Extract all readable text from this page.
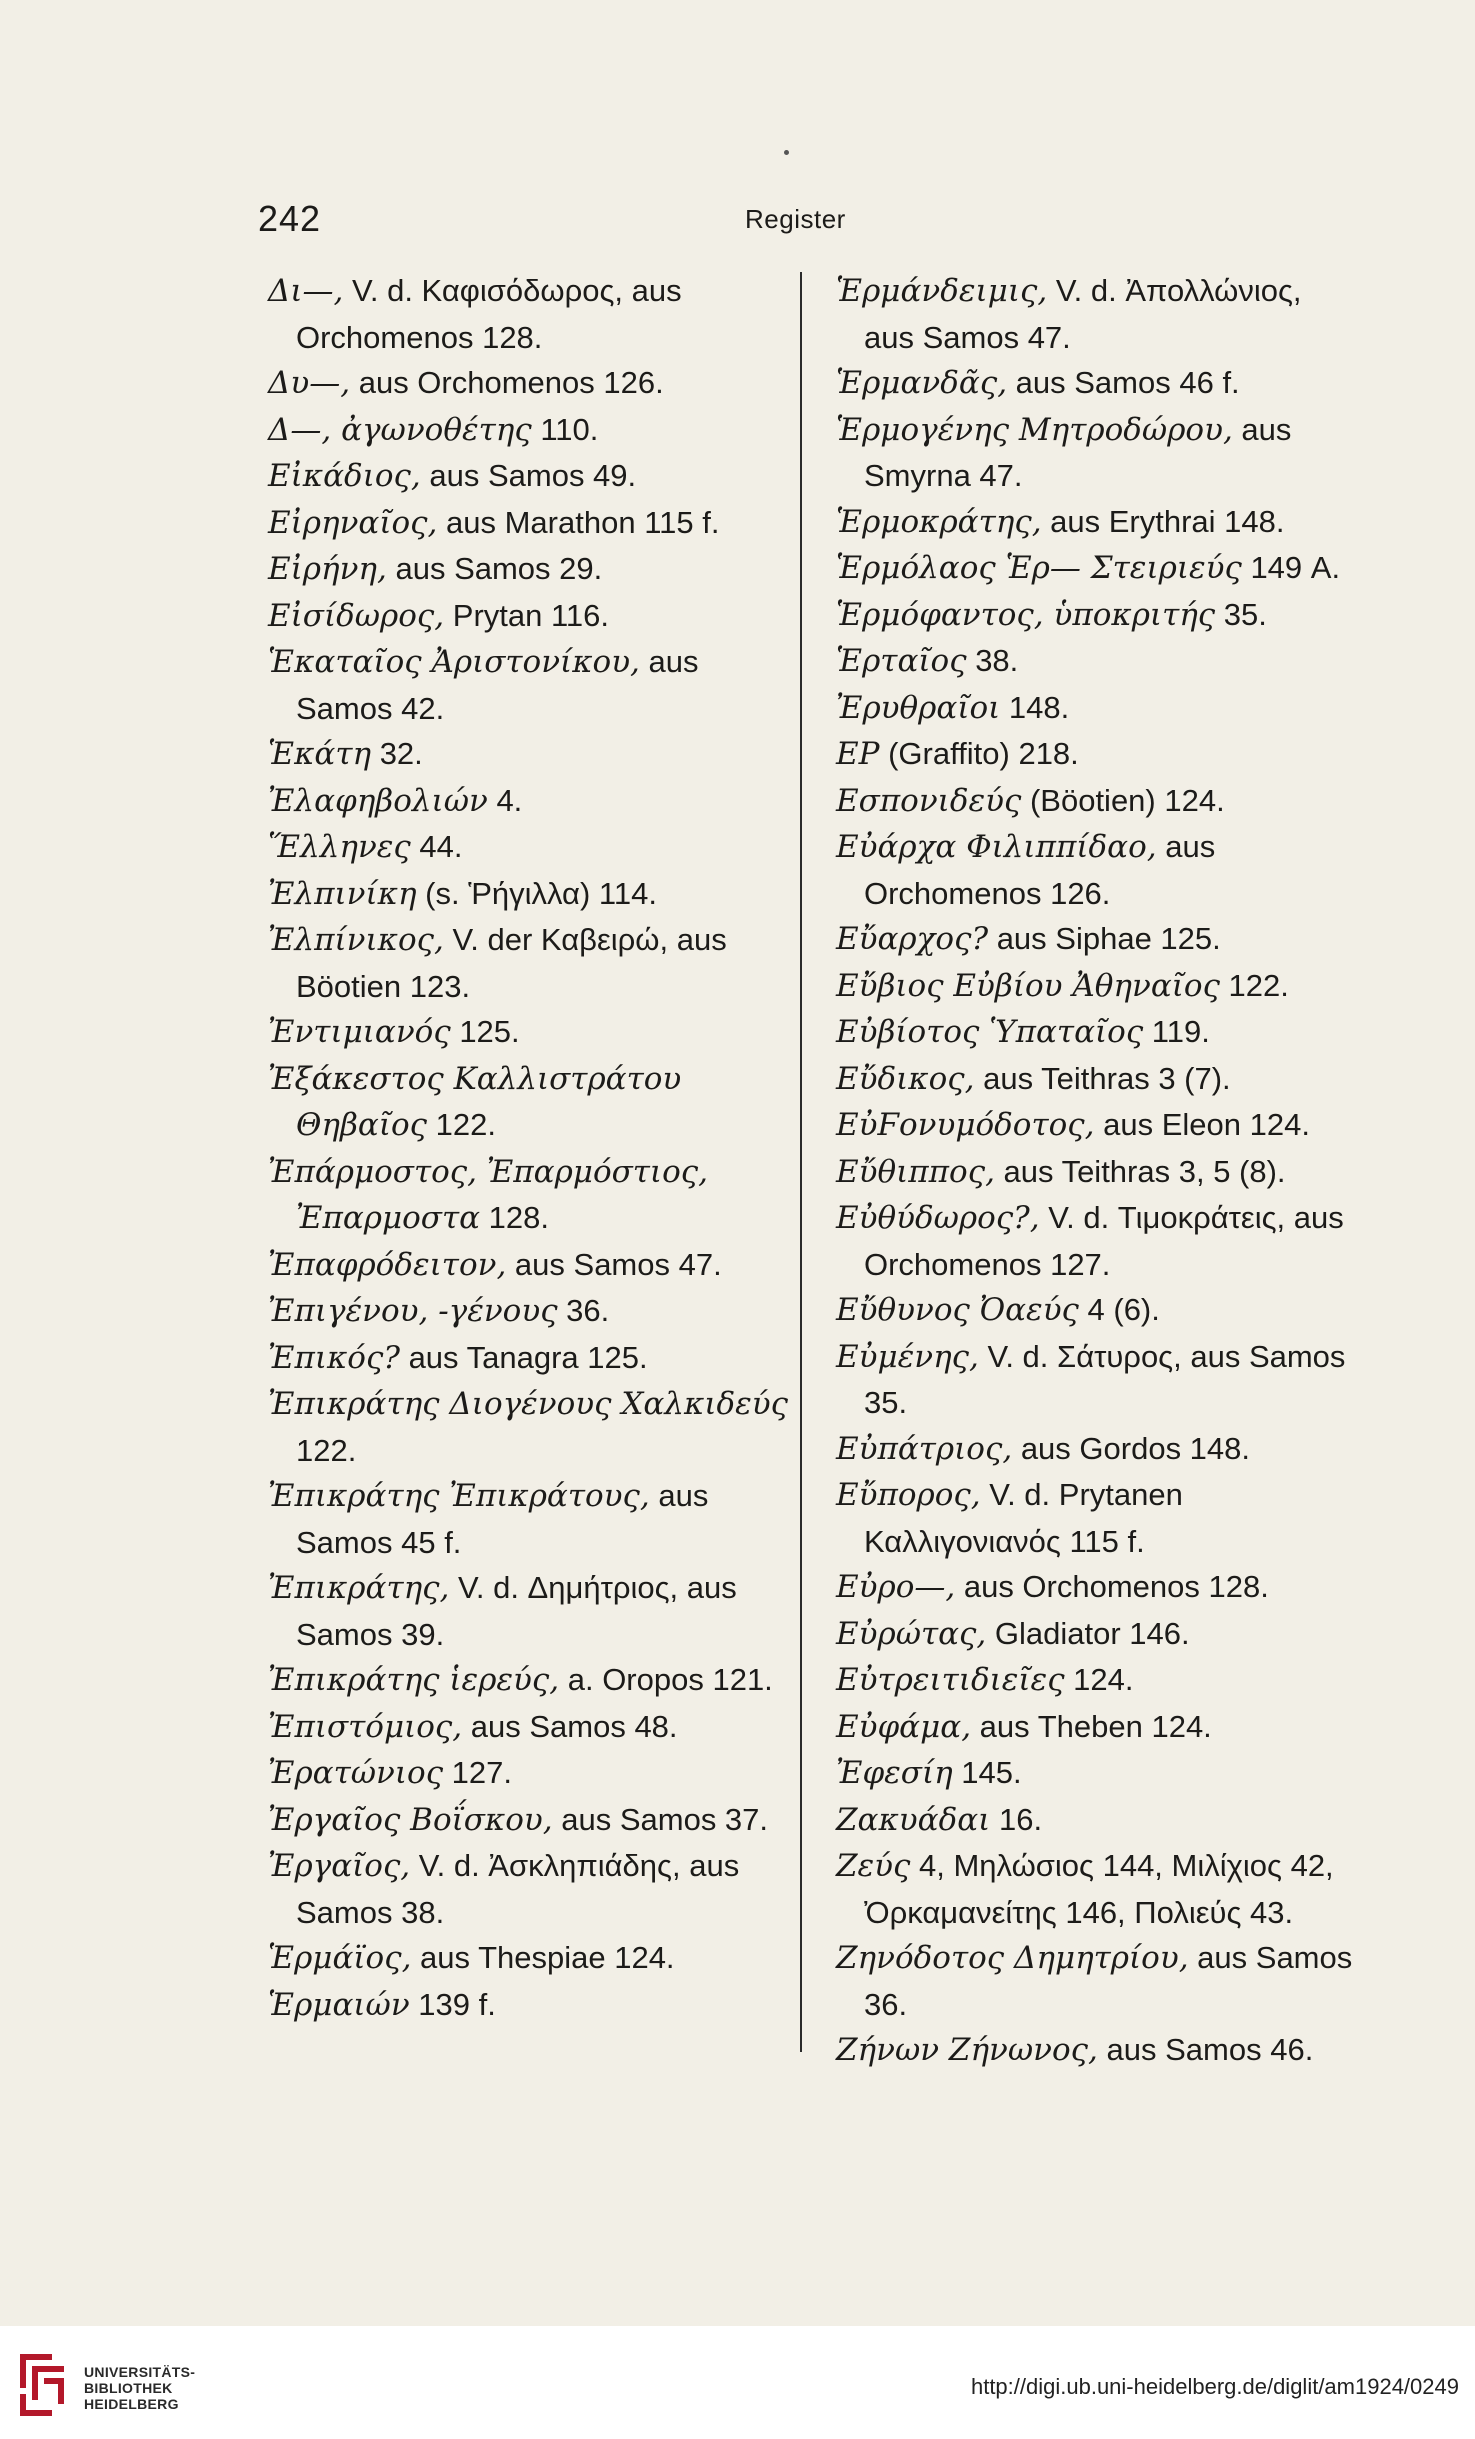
242	Register
Δι—, V. d. Καφισόδωρος, aus Orchomenos 128.
Δυ—, aus Orchomenos 126.
Δ—, ἀγωνοθέτης 110.
Εἰκάδιος, aus Samos 49.
Εἰρηναῖος, aus Marathon 115 f.
Εἰρήνη, aus Samos 29.
Εἰσίδωρος, Prytan 116.
Ἑκαταῖος Ἀριστονίκου, aus Samos 42.
Ἑκάτη 32.
Ἐλαφηβολιών 4.
Ἕλληνες 44.
Ἐλπινίκη (s. Ῥήγιλλα) 114.
Ἐλπίνικος, V. der Καβειρώ, aus Böotien 123.
Ἐντιμιανός 125.
Ἐξάκεστος Καλλιστράτου Θηβαῖος 122.
Ἐπάρμοστος, Ἐπαρμόστιος, Ἐπαρμοστα 128.
Ἐπαφρόδειτον, aus Samos 47.
Ἐπιγένου, -γένους 36.
Ἐπικός? aus Tanagra 125.
Ἐπικράτης Διογένους Χαλκιδεύς 122.
Ἐπικράτης Ἐπικράτους, aus Samos 45 f.
Ἐπικράτης, V. d. Δημήτριος, aus Samos 39.
Ἐπικράτης ἱερεύς, a. Oropos 121.
Ἐπιστόμιος, aus Samos 48.
Ἐρατώνιος 127.
Ἐργαῖος Βοΐσκου, aus Samos 37.
Ἐργαῖος, V. d. Ἀσκληπιάδης, aus Samos 38.
Ἑρμάϊος, aus Thespiae 124.
Ἑρμαιών 139 f.
Ἑρμάνδειμις, V. d. Ἀπολλώνιος, aus Samos 47.
Ἑρμανδᾶς, aus Samos 46 f.
Ἑρμογένης Μητροδώρου, aus Smyrna 47.
Ἑρμοκράτης, aus Erythrai 148.
Ἑρμόλαος Ἑρ— Στειριεύς 149 A.
Ἑρμόφαντος, ὑποκριτής 35.
Ἑρταῖος 38.
Ἐρυθραῖοι 148.
ΕΡ (Graffito) 218.
Εσπονιδεύς (Böotien) 124.
Εὐάρχα Φιλιππίδαο, aus Orchomenos 126.
Εὔαρχος? aus Siphae 125.
Εὔβιος Εὐβίου Ἀθηναῖος 122.
Εὐβίοτος Ὑπαταῖος 119.
Εὔδικος, aus Teithras 3 (7).
ΕὐϜονυμόδοτος, aus Eleon 124.
Εὔθιππος, aus Teithras 3, 5 (8).
Εὐθύδωρος?, V. d. Τιμοκράτεις, aus Orchomenos 127.
Εὔθυνος Ὀαεύς 4 (6).
Εὐμένης, V. d. Σάτυρος, aus Samos 35.
Εὐπάτριος, aus Gordos 148.
Εὔπορος, V. d. Prytanen Καλλιγονιανός 115 f.
Εὐρο—, aus Orchomenos 128.
Εὐρώτας, Gladiator 146.
Εὐτρειτιδιεῖες 124.
Εὐφάμα, aus Theben 124.
Ἐφεσίη 145.
Ζακυάδαι 16.
Ζεύς 4, Μηλώσιος 144, Μιλίχιος 42, Ὀρκαμανείτης 146, Πολιεύς 43.
Ζηνόδοτος Δημητρίου, aus Samos 36.
Ζήνων Ζήνωνος, aus Samos 46.
UNIVERSITÄTS-
BIBLIOTHEK
HEIDELBERG
http://digi.ub.uni-heidelberg.de/diglit/am1924/0249
